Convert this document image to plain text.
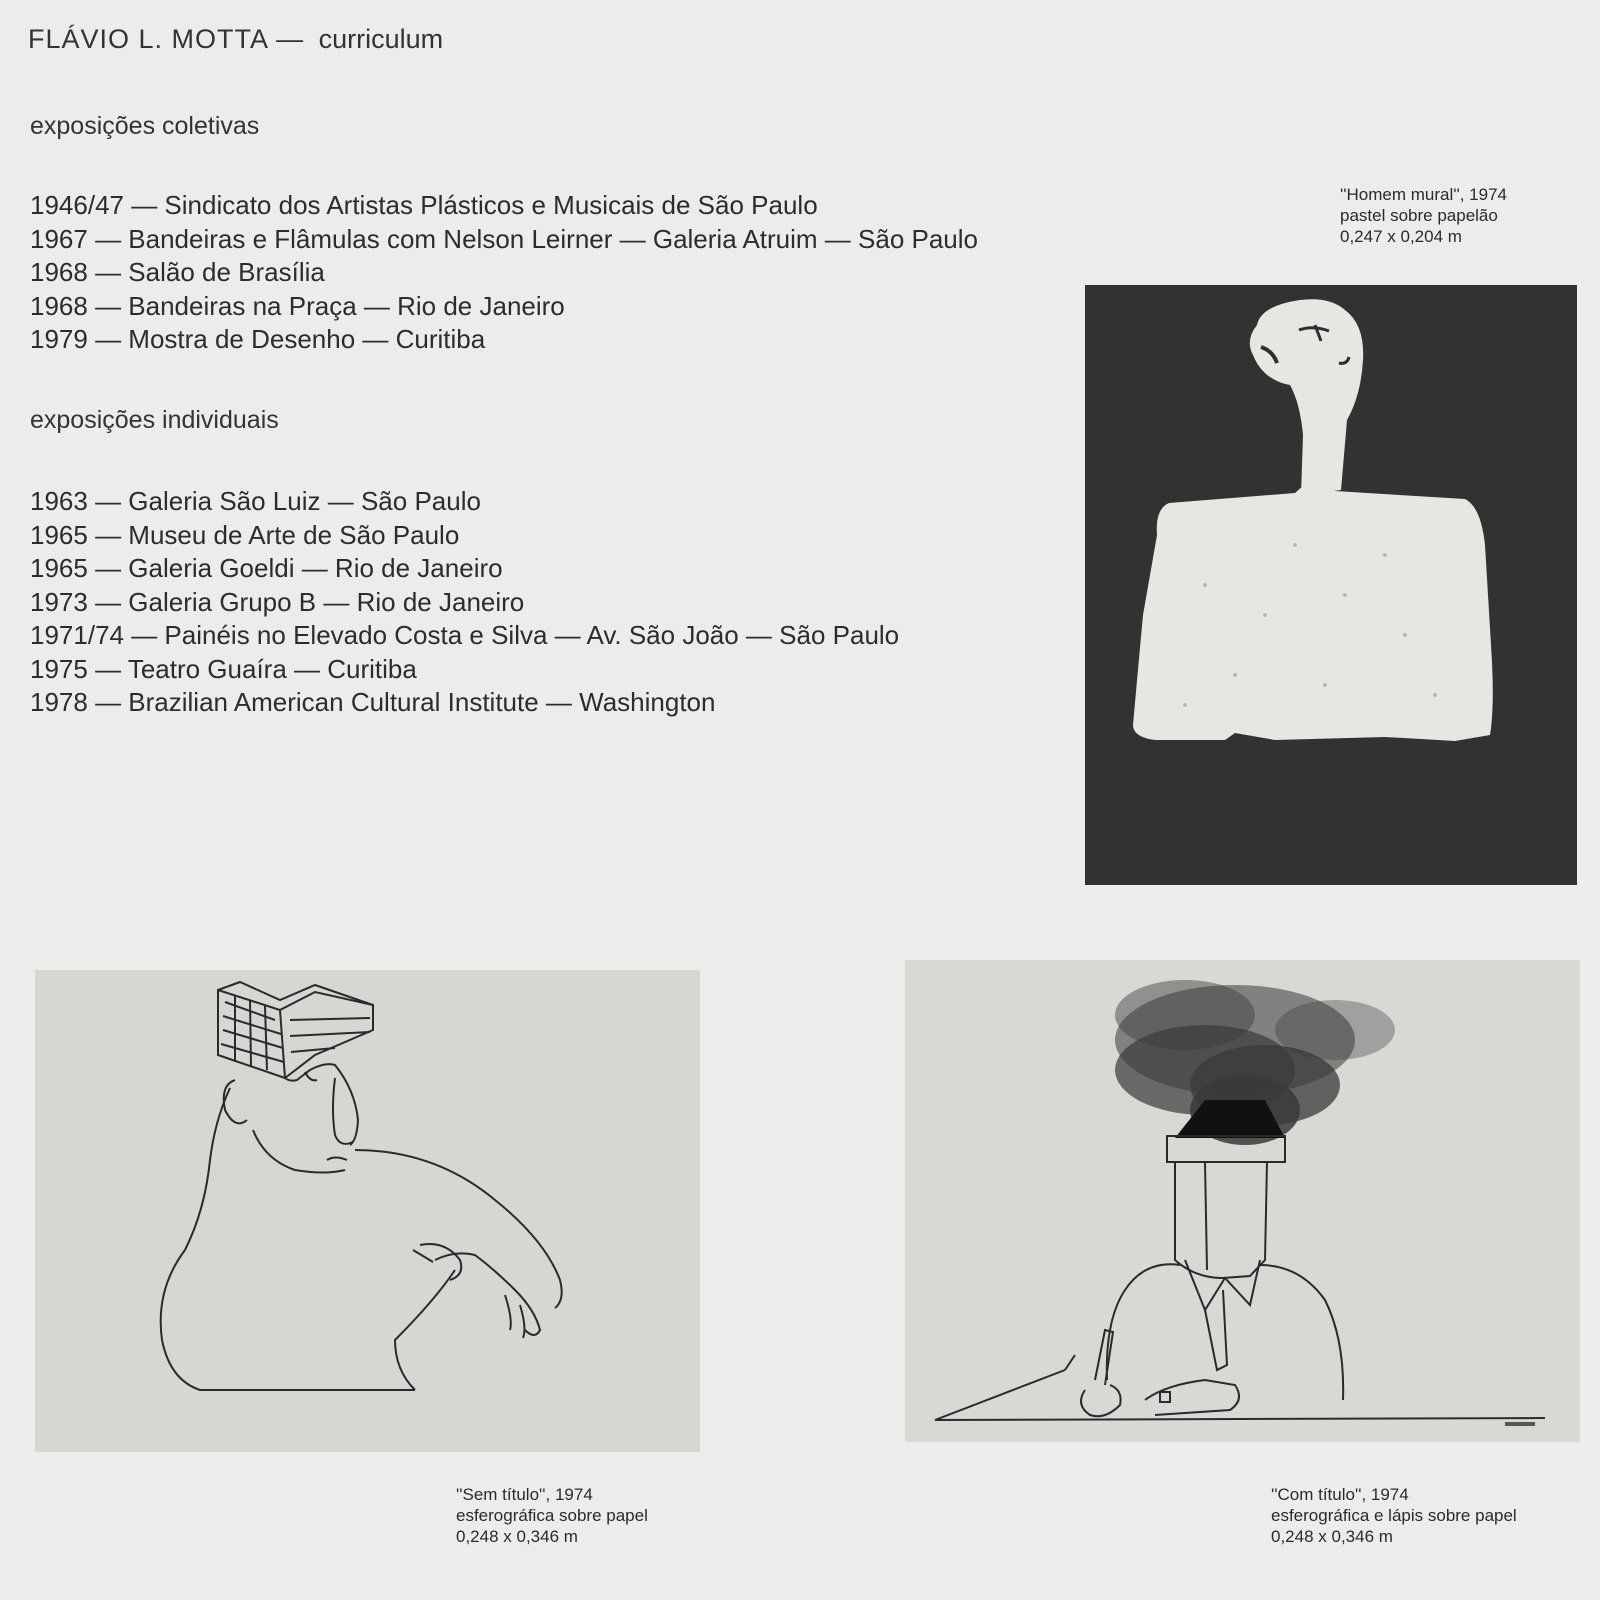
FLÁVIO L. MOTTA — curriculum
exposições coletivas
1946/47 — Sindicato dos Artistas Plásticos e Musicais de São Paulo
1967 — Bandeiras e Flâmulas com Nelson Leirner — Galeria Atruim — São Paulo
1968 — Salão de Brasília
1968 — Bandeiras na Praça — Rio de Janeiro
1979 — Mostra de Desenho — Curitiba
exposições individuais
1963 — Galeria São Luiz — São Paulo
1965 — Museu de Arte de São Paulo
1965 — Galeria Goeldi — Rio de Janeiro
1973 — Galeria Grupo B — Rio de Janeiro
1971/74 — Painéis no Elevado Costa e Silva — Av. São João — São Paulo
1975 — Teatro Guaíra — Curitiba
1978 — Brazilian American Cultural Institute — Washington
''Homem mural'', 1974
pastel sobre papelão
0,247 x 0,204 m
''Sem título'', 1974
esferográfica sobre papel
0,248 x 0,346 m
''Com título'', 1974
esferográfica e lápis sobre papel
0,248 x 0,346 m
